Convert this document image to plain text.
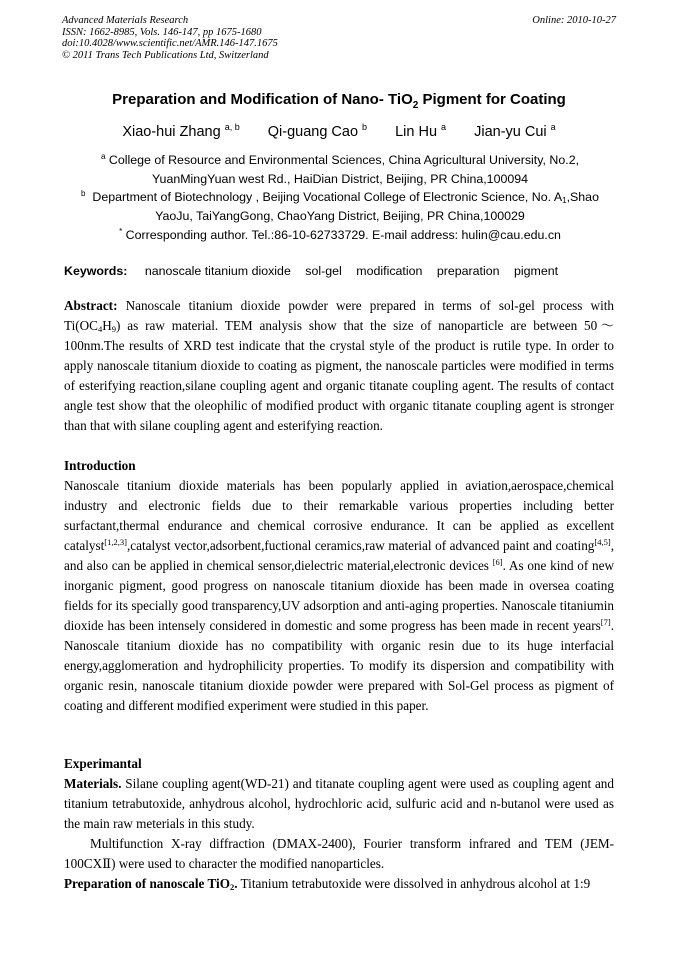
Advanced Materials Research
ISSN: 1662-8985, Vols. 146-147, pp 1675-1680
doi:10.4028/www.scientific.net/AMR.146-147.1675
© 2011 Trans Tech Publications Ltd, Switzerland
Online: 2010-10-27
Preparation and Modification of Nano- TiO$_2$ Pigment for Coating
Xiao-hui Zhang $^{a, b}$ Qi-guang Cao $^b$ Lin Hu $^a$ Jian-yu Cui $^a$
$^a$ College of Resource and Environmental Sciences, China Agricultural University, No.2,
YuanMingYuan west Rd., HaiDian District, Beijing, PR China,100094
$^b$ Department of Biotechnology , Beijing Vocational College of Electronic Science, No. $A_1,Shao$
YaoJu, TaiYangGong, ChaoYang District, Beijing, PR China,100029
* Corresponding author. Tel.:86-10-62733729. E-mail address: hulin@cau.edu.cn
Keywords: nanoscale titanium dioxide sol-gel modification preparation pigment

Abstract: Nanoscale titanium dioxide powder were prepared in terms of sol-gel process with $Ti(OC_4H_9)$ as raw material. TEM analysis show that the size of nanoparticle are between 50～100nm.The results of XRD test indicate that the crystal style of the product is rutile type. In order to apply nanoscale titanium dioxide to coating as pigment, the nanoscale particles were modified in terms of esterifying reaction,silane coupling agent and organic titanate coupling agent. The results of contact angle test show that the oleophilic of modified product with organic titanate coupling agent is stronger than that with silane coupling agent and esterifying reaction.

Introduction

Nanoscale titanium dioxide materials has been popularly applied in aviation,aerospace,chemical industry and electronic fields due to their remarkable various properties including better surfactant,thermal endurance and chemical corrosive endurance. It can be applied as excellent catalyst[1,2,3],catalyst vector,adsorbent,fuctional ceramics,raw material of advanced paint and coating[4,5], and also can be applied in chemical sensor,dielectric material,electronic devices [6]. As one kind of new inorganic pigment, good progress on nanoscale titanium dioxide has been made in oversea coating fields for its specially good transparency,UV adsorption and anti-aging properties. Nanoscale titaniumin dioxide has been intensely considered in domestic and some progress has been made in recent years[7]. Nanoscale titanium dioxide has no compatibility with organic resin due to its huge interfacial energy,agglomeration and hydrophilicity properties. To modify its dispersion and compatibility with organic resin, nanoscale titanium dioxide powder were prepared with Sol-Gel process as pigment of coating and different modified experiment were studied in this paper.

Experimantal

Materials. Silane coupling agent(WD-21) and titanate coupling agent were used as coupling agent and titanium tetrabutoxide, anhydrous alcohol, hydrochloric acid, sulfuric acid and n-butanol were used as the main raw meterials in this study.

Multifunction X-ray diffraction (DMAX-2400), Fourier transform infrared and TEM (JEM-100CXⅡ) were used to character the modified nanoparticles.

Preparation of nanoscale TiO$_2$. Titanium tetrabutoxide were dissolved in anhydrous alcohol at 1:9
